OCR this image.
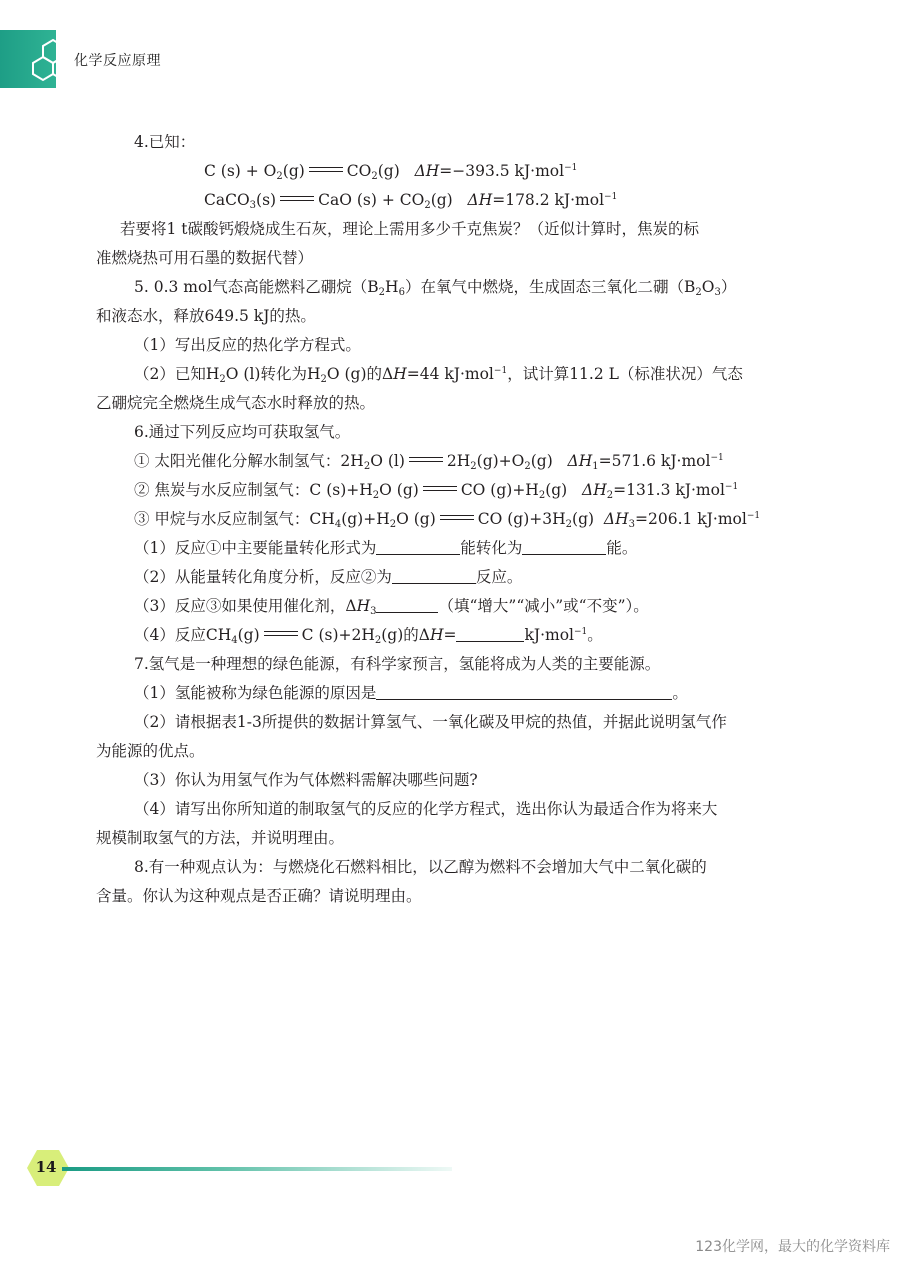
化学反应原理
4.已知：
C $(s) + O_2(g)$	$CO_2(g)$ ΔH=−393.5 kJ·mol$^{-1}$
CaCO$_3$(s)	CaO $(s) + CO_2(g)$ ΔH=178.2 kJ·mol$^{-1}$
若要将1 t碳酸钙煅烧成生石灰，理论上需用多少千克焦炭？（近似计算时，焦炭的标
准燃烧热可用石墨的数据代替）
5. 0.3 mol气态高能燃料乙硼烷$(B_2H_6)$在氧气中燃烧，生成固态三氧化二硼$(B_2O_3)$
和液态水，释放649.5 kJ的热。
（1）写出反应的热化学方程式。
（2）已知$H_2O$ (l)转化为$H_2O$ (g)的ΔH=44 kJ·mol$^{-1}$，试计算11.2 L（标准状况）气态
乙硼烷完全燃烧生成气态水时释放的热。
6.通过下列反应均可获取氢气。
① 太阳光催化分解水制氢气：$2H_2O$ (l)	$2H_2(g)+O_2(g)$ $\Delta H_1=571.6$ kJ·mol$^{-1}$
② 焦炭与水反应制氢气：C $(s)+H_2O$ (g)	CO $(g)+H_2(g)$ $\Delta H_2=131.3$ kJ·mol$^{-1}$
③ 甲烷与水反应制氢气：$CH_4(g)+H_2O$ (g)	CO $(g)+3H_2(g)$ $\Delta H_3=206.1$ kJ·mol$^{-1}$
（1）反应①中主要能量转化形式为	能转化为	能。
（2）从能量转化角度分析，反应②为	反应。
（3）反应③如果使用催化剂，$\Delta H_3$	（填“增大”“减小”或“不变”）。
（4）反应$CH_4(g)$	C $(s)+2H_2(g)$的ΔH=	kJ·mol$^{-1}$。
7.氢气是一种理想的绿色能源，有科学家预言，氢能将成为人类的主要能源。
（1）氢能被称为绿色能源的原因是	。
（2）请根据表1-3所提供的数据计算氢气、一氧化碳及甲烷的热值，并据此说明氢气作
为能源的优点。
（3）你认为用氢气作为气体燃料需解决哪些问题?
（4）请写出你所知道的制取氢气的反应的化学方程式，选出你认为最适合作为将来大
规模制取氢气的方法，并说明理由。
8.有一种观点认为：与燃烧化石燃料相比，以乙醇为燃料不会增加大气中二氧化碳的
含量。你认为这种观点是否正确？请说明理由。
14
123化学网，最大的化学资料库
